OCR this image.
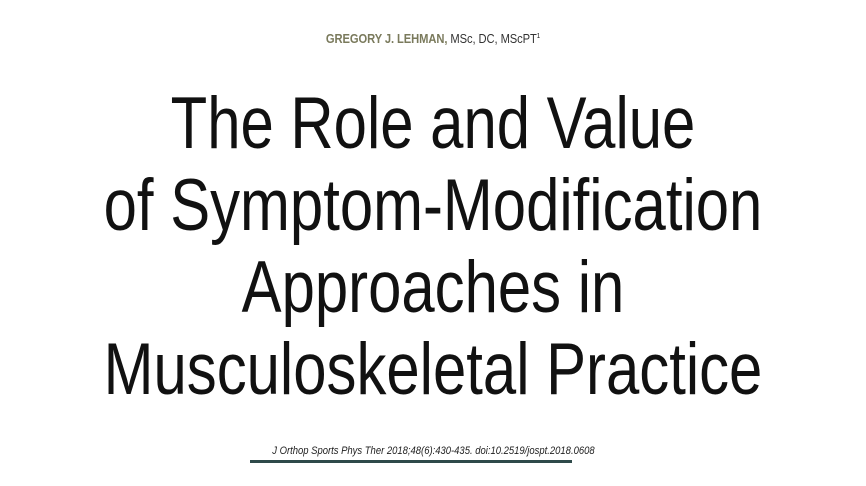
GREGORY J. LEHMAN, MSc, DC, MScPT$^1$
The Role and Value
of Symptom-Modification
Approaches in
Musculoskeletal Practice
J Orthop Sports Phys Ther 2018;48(6):430-435. doi:10.2519/jospt.2018.0608
